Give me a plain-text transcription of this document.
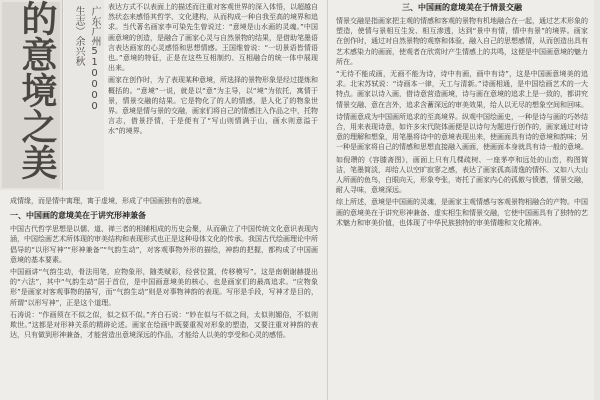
的意境之美	生志）余兴秋 广东广州510000 表达方式不以表面上的描述而注重对客观世界的深入体悟，以超越自然状态来感悟其哲学、文化建构，从而构成一种自我至高的境界和追求。当代著名画家李可染先生曾说过：“意境是山水画的灵魂。”中国画意境的创造，是融合了画家心灵与自然景物的结果，是借助笔墨语言表达画家的心灵感悟和思想情感。王国维曾说：“一切景语皆情语也。”意境的特征，正是在这些互相制约、互相融合的统一体中展现出来。

画家在创作时，为了表现某种意境，所选择的景物形象是经过提炼和概括的。“意境”一说，就是以“意”为主导，以“境”为依托，寓情于景，情景交融的结果。它是物化了的人的情感，是人化了的物象世界。意境是情与景的交融，画家们将自己的情感注入作品之中，托物言志，借景抒情，于是便有了“写山则情满于山，画水则意溢于水”的境界。

成情缘，而是情中寓理，寓于虚境，形成了中国画独有的意境。

一、中国画的意境美在于讲究形神兼备

中国古代哲学思想是以儒、道、禅三者的相辅相成的历史会聚，从而确立了中国传统文化意识表现内涵，中国绘画艺术所体现的审美结构和表现形式也正是这种母体文化的传承。我国古代绘画理论中所倡导的“以形写神”“形神兼备”“气韵生动”，对客观事物外形的描绘，神韵的把握，都构成了中国画意境的基本要素。

中国画讲“气韵生动，骨法用笔，应物象形，随类赋彩，经营位置，传移模写”。这是南朝谢赫提出的“六法”，其中“气韵生动”居于首位，是中国画意境美的核心，也是画家们的最高追求。“应物象形”是画家对客观事物的描写，而“气韵生动”则是对事物神韵的表现。写形是手段，写神才是目的，所谓“以形写神”，正是这个道理。

石涛说：“作画须在不似之似，似之似不似。”齐白石说：“妙在似与不似之间，太似则媚俗，不似则欺世。”这都是对形神关系的精辟论述。画家在绘画中既要重视对形象的塑造，又要注重对神韵的表达，只有做到形神兼备，才能营造出意境深远的作品，才能给人以美的享受和心灵的感悟。

三、中国画的意境美在于情景交融

情景交融是指画家把主观的情感和客观的景物有机地融合在一起，通过艺术形象的塑造，使情与景相互生发、相互渗透，达到“景中有情，情中有景”的境界。画家在创作时，通过对自然景物的观察和体验，融入自己的思想感情，从而创造出具有艺术感染力的画面，使观者在欣赏时产生情感上的共鸣，这便是中国画意境的魅力所在。

“无待不能成画，无画不能为诗，诗中有画，画中有诗”，这是中国画意境美的追求。北宋苏轼说：“诗画本一律，天工与清新。”诗画相通，是中国绘画艺术的一大特点。画家以诗入画，借诗意营造画境，诗与画在意境的追求上是一致的，都讲究情景交融、意在言外，追求含蓄深远的审美效果，给人以无尽的想象空间和回味。

诗情画意成为中国画所追求的至高境界。纵观中国绘画史，一种是诗与画的巧妙结合，用来表现诗意，如许多宋代院体画便是以诗句为题进行创作的，画家通过对诗意的理解和想象，用笔墨将诗中的意境表现出来，使画面具有诗的意境和韵味；另一种是画家将自己的情感和思想直接融入画面，使画面本身就具有诗一般的意境。

如倪瓒的《容膝斋图》，画面上只有几棵疏树、一座茅亭和远处的山峦，构图简洁，笔墨简淡，却给人以空旷寂寥之感，表达了画家孤高清逸的情怀。又如八大山人所画的鱼鸟，白眼向天，形象夸张，寄托了画家内心的孤傲与愤懑，情景交融，耐人寻味，意境深远。

综上所述，意境是中国画的灵魂，是画家主观情感与客观景物相融合的产物。中国画的意境美在于讲究形神兼备、虚实相生和情景交融，它使中国画具有了独特的艺术魅力和审美价值，也体现了中华民族独特的审美情趣和文化精神。
